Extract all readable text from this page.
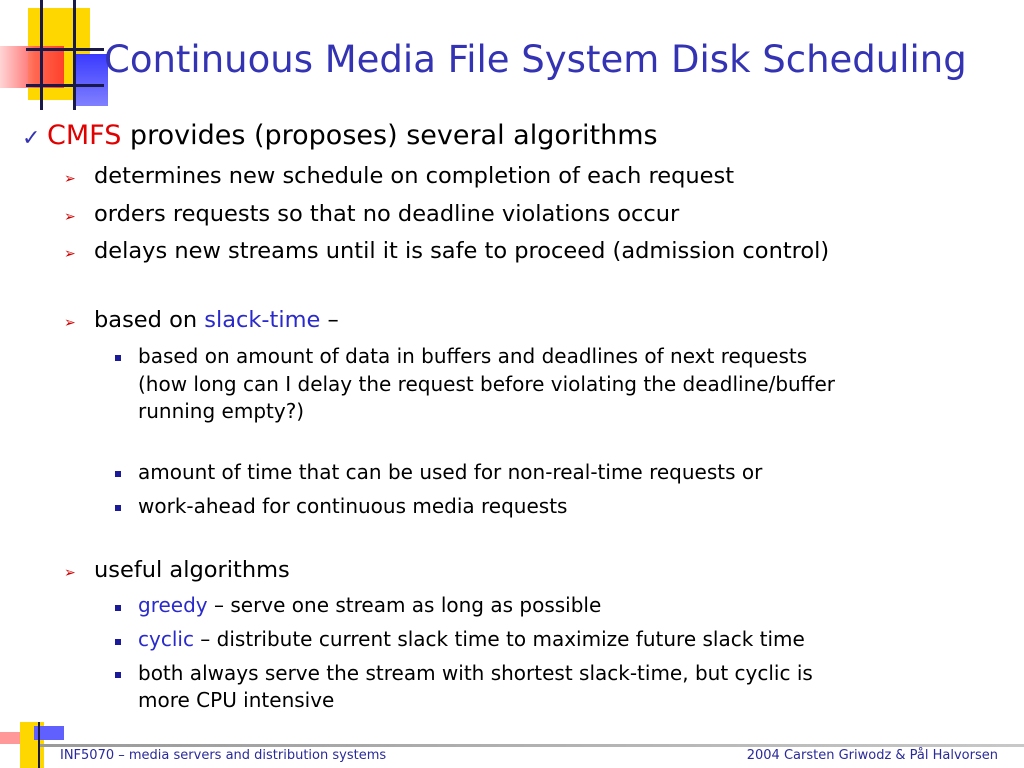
Continuous Media File System Disk Scheduling
✓ CMFS provides (proposes) several algorithms
➢ determines new schedule on completion of each request
➢ orders requests so that no deadline violations occur
➢ delays new streams until it is safe to proceed (admission control)
➢ based on slack-time –
based on amount of data in buffers and deadlines of next requests
(how long can I delay the request before violating the deadline/buffer
running empty?)
amount of time that can be used for non-real-time requests or
work-ahead for continuous media requests
➢ useful algorithms
greedy – serve one stream as long as possible
cyclic – distribute current slack time to maximize future slack time
both always serve the stream with shortest slack-time, but cyclic is
more CPU intensive
INF5070 – media servers and distribution systems	2004 Carsten Griwodz & Pål Halvorsen
